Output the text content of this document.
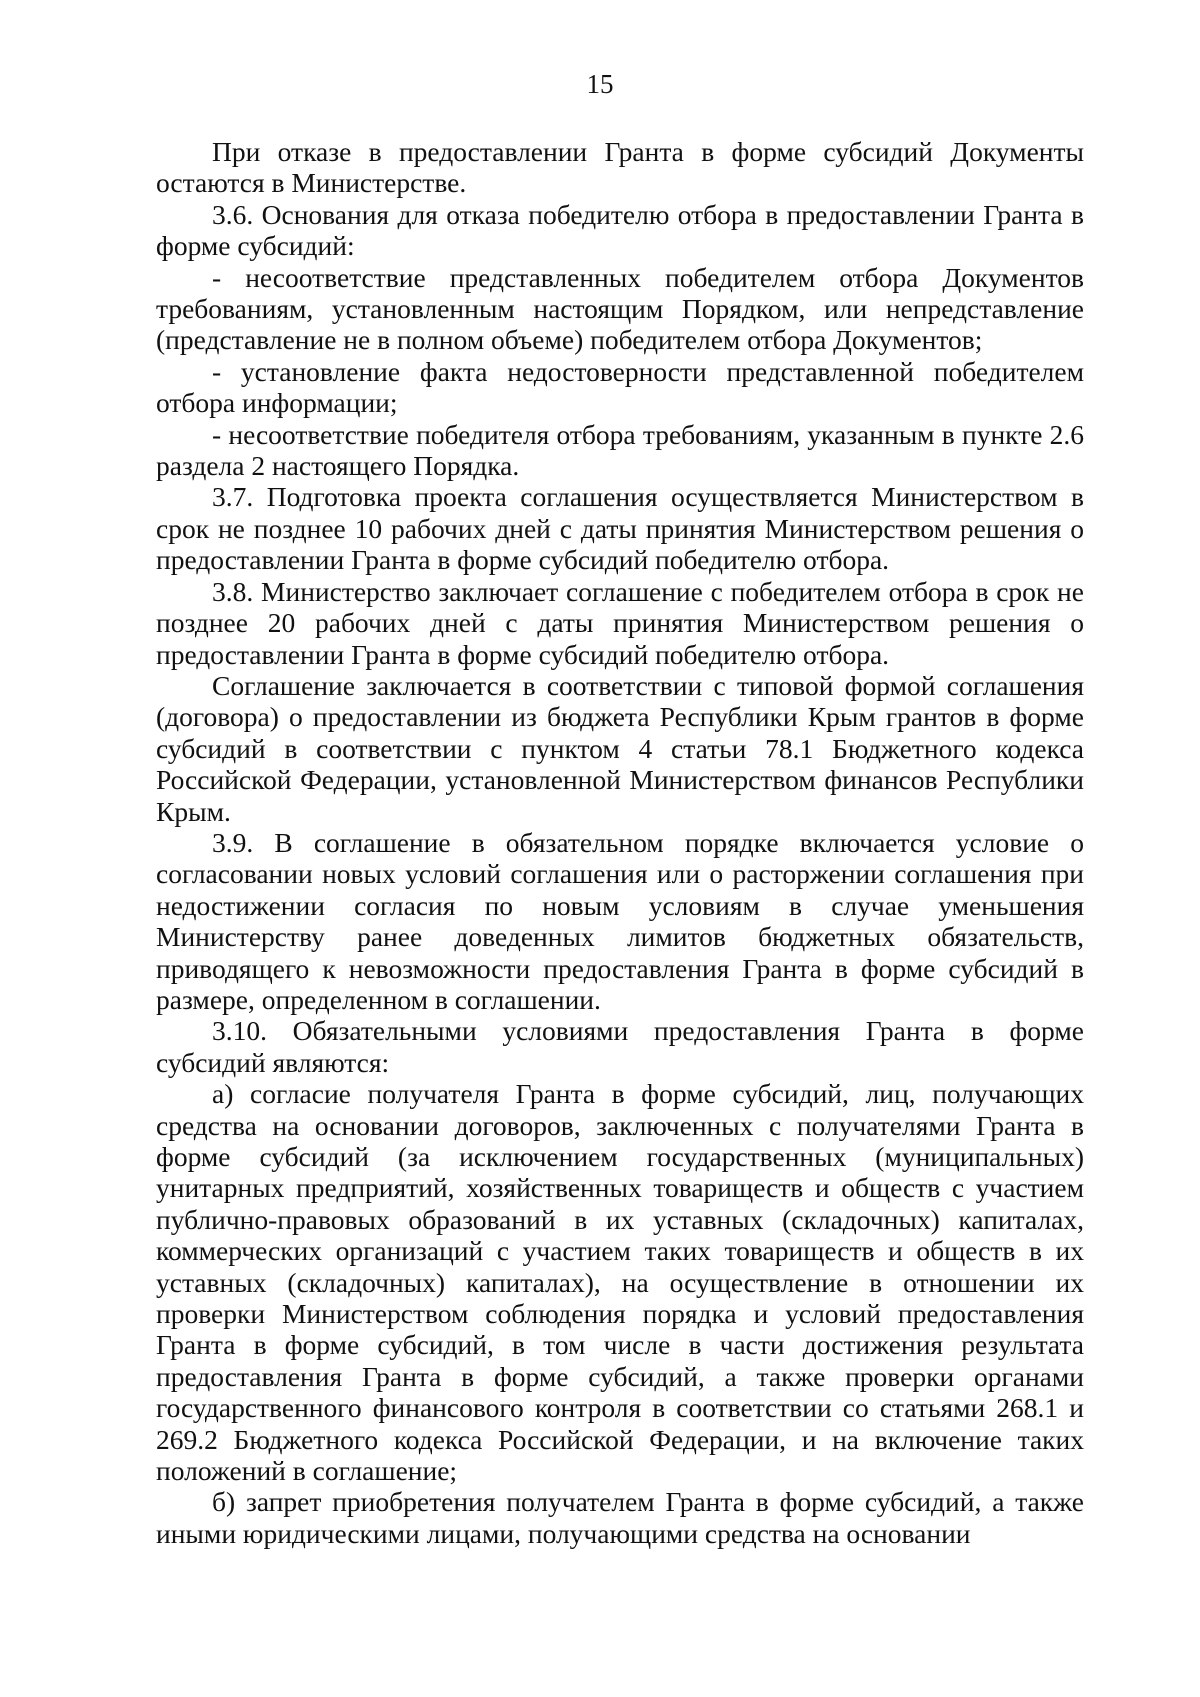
15

При отказе в предоставлении Гранта в форме субсидий Документы остаются в Министерстве.

3.6. Основания для отказа победителю отбора в предоставлении Гранта в форме субсидий:

- несоответствие представленных победителем отбора Документов требованиям, установленным настоящим Порядком, или непредставление (представление не в полном объеме) победителем отбора Документов;

- установление факта недостоверности представленной победителем отбора информации;

- несоответствие победителя отбора требованиям, указанным в пункте 2.6 раздела 2 настоящего Порядка.

3.7. Подготовка проекта соглашения осуществляется Министерством в срок не позднее 10 рабочих дней с даты принятия Министерством решения о предоставлении Гранта в форме субсидий победителю отбора.

3.8. Министерство заключает соглашение с победителем отбора в срок не позднее 20 рабочих дней с даты принятия Министерством решения о предоставлении Гранта в форме субсидий победителю отбора.

Соглашение заключается в соответствии с типовой формой соглашения (договора) о предоставлении из бюджета Республики Крым грантов в форме субсидий в соответствии с пунктом 4 статьи 78.1 Бюджетного кодекса Российской Федерации, установленной Министерством финансов Республики Крым.

3.9. В соглашение в обязательном порядке включается условие о согласовании новых условий соглашения или о расторжении соглашения при недостижении согласия по новым условиям в случае уменьшения Министерству ранее доведенных лимитов бюджетных обязательств, приводящего к невозможности предоставления Гранта в форме субсидий в размере, определенном в соглашении.

3.10. Обязательными условиями предоставления Гранта в форме субсидий являются:

а) согласие получателя Гранта в форме субсидий, лиц, получающих средства на основании договоров, заключенных с получателями Гранта в форме субсидий (за исключением государственных (муниципальных) унитарных предприятий, хозяйственных товариществ и обществ с участием публично-правовых образований в их уставных (складочных) капиталах, коммерческих организаций с участием таких товариществ и обществ в их уставных (складочных) капиталах), на осуществление в отношении их проверки Министерством соблюдения порядка и условий предоставления Гранта в форме субсидий, в том числе в части достижения результата предоставления Гранта в форме субсидий, а также проверки органами государственного финансового контроля в соответствии со статьями 268.1 и 269.2 Бюджетного кодекса Российской Федерации, и на включение таких положений в соглашение;

б) запрет приобретения получателем Гранта в форме субсидий, а также иными юридическими лицами, получающими средства на основании
